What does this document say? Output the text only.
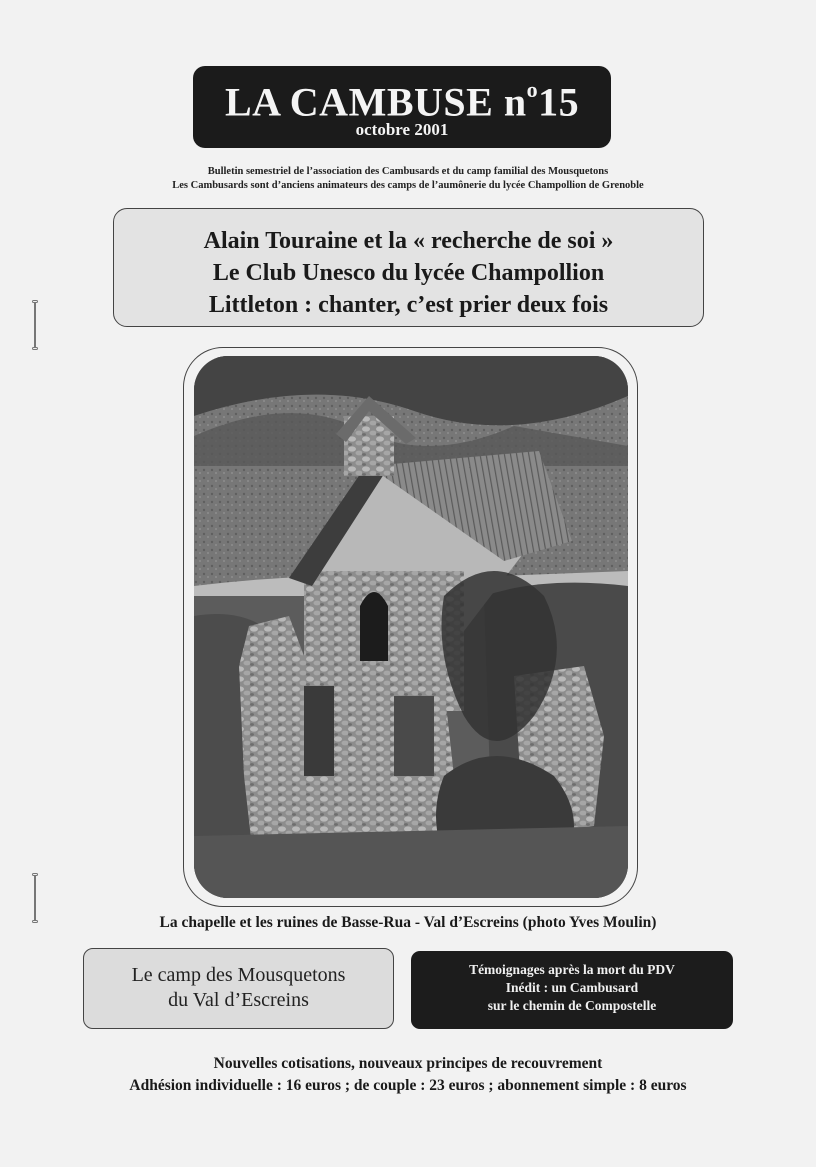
LA CAMBUSE $n^o15$
octobre 2001
Bulletin semestriel de l’association des Cambusards et du camp familial des Mousquetons
Les Cambusards sont d’anciens animateurs des camps de l’aumônerie du lycée Champollion de Grenoble
Alain Touraine et la « recherche de soi »
Le Club Unesco du lycée Champollion
Littleton : chanter, c’est prier deux fois
La chapelle et les ruines de Basse-Rua - Val d’Escreins (photo Yves Moulin)
Le camp des Mousquetons
du Val d’Escreins
Témoignages après la mort du PDV
Inédit : un Cambusard
sur le chemin de Compostelle
Nouvelles cotisations, nouveaux principes de recouvrement
Adhésion individuelle : 16 euros ; de couple : 23 euros ; abonnement simple : 8 euros
